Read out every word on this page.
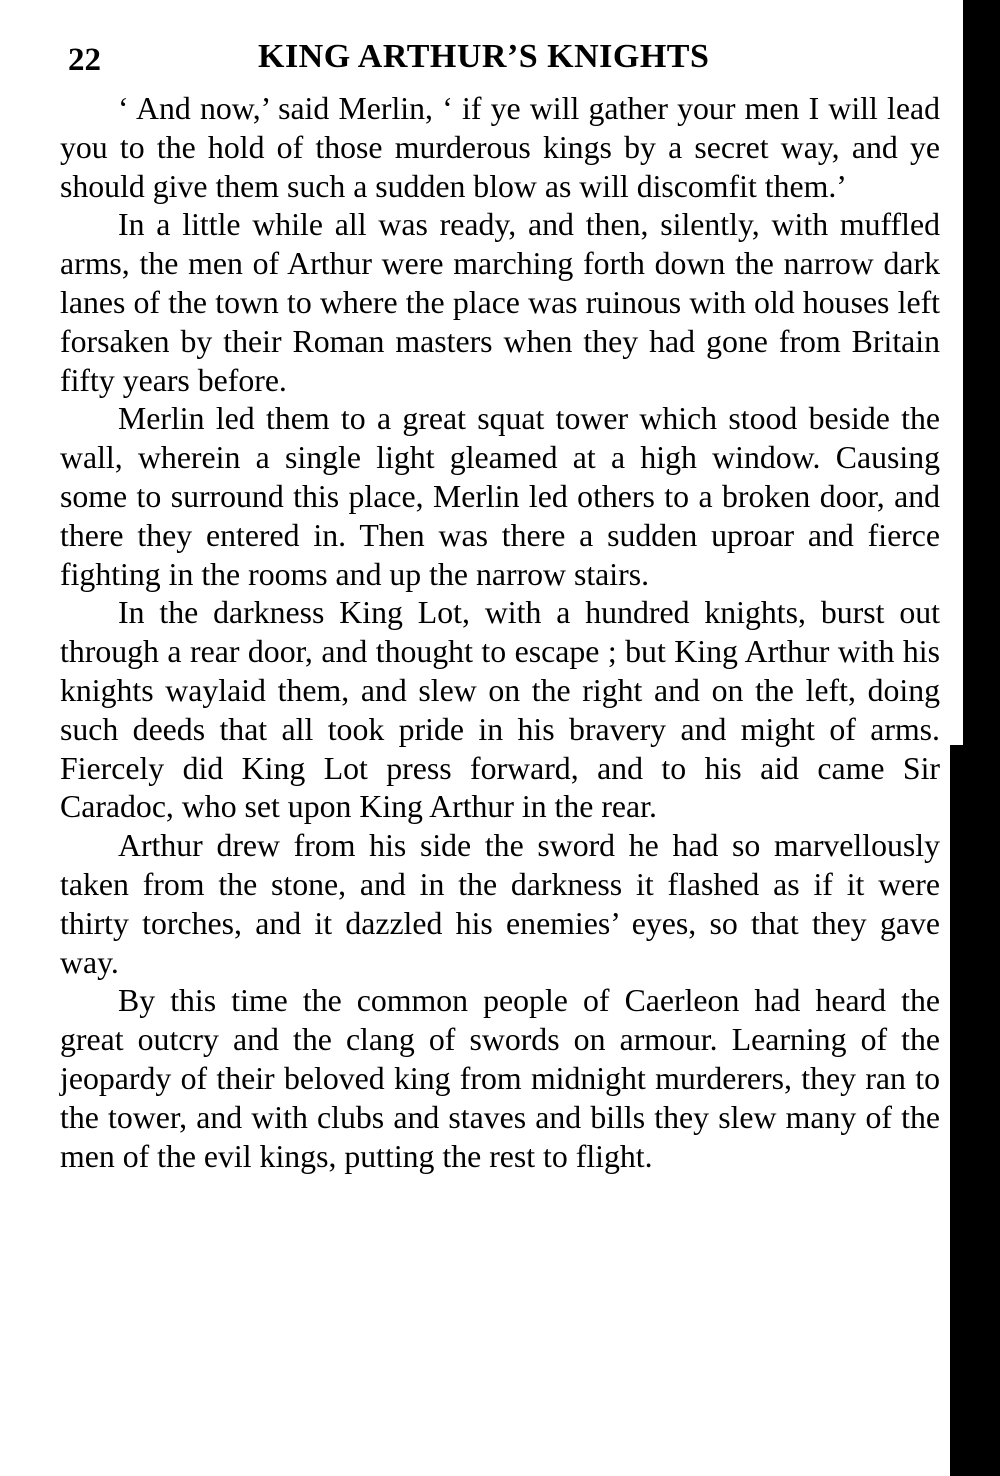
22	KING ARTHUR’S KNIGHTS

‘ And now,’ said Merlin, ‘ if ye will gather your men I will lead you to the hold of those murderous kings by a secret way, and ye should give them such a sudden blow as will discomfit them.’

In a little while all was ready, and then, silently, with muffled arms, the men of Arthur were marching forth down the narrow dark lanes of the town to where the place was ruinous with old houses left forsaken by their Roman masters when they had gone from Britain fifty years before.

Merlin led them to a great squat tower which stood beside the wall, wherein a single light gleamed at a high window. Causing some to surround this place, Merlin led others to a broken door, and there they entered in. Then was there a sudden uproar and fierce fighting in the rooms and up the narrow stairs.

In the darkness King Lot, with a hundred knights, burst out through a rear door, and thought to escape ; but King Arthur with his knights waylaid them, and slew on the right and on the left, doing such deeds that all took pride in his bravery and might of arms. Fiercely did King Lot press forward, and to his aid came Sir Caradoc, who set upon King Arthur in the rear.

Arthur drew from his side the sword he had so marvellously taken from the stone, and in the darkness it flashed as if it were thirty torches, and it dazzled his enemies’ eyes, so that they gave way.

By this time the common people of Caerleon had heard the great outcry and the clang of swords on armour. Learning of the jeopardy of their beloved king from midnight murderers, they ran to the tower, and with clubs and staves and bills they slew many of the men of the evil kings, putting the rest to flight.
